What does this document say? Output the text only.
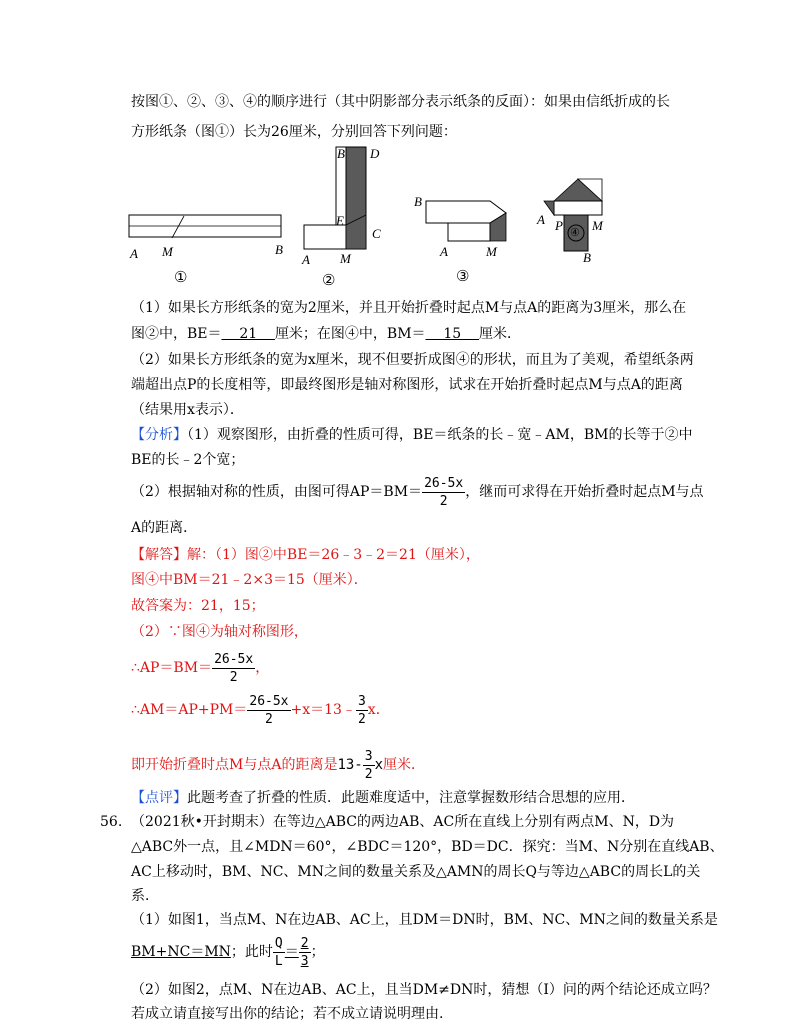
按图①、②、③、④的顺序进行（其中阴影部分表示纸条的反面）：如果由信纸折成的长
方形纸条（图①）长为26厘米，分别回答下列问题：
A M	B
①
B D
E
C
A M
②
B
A	M
③
④
A P M
B
（1）如果长方形纸条的宽为2厘米，并且开始折叠时起点M与点A的距离为3厘米，那么在
图②中，BE＝    21    厘米；在图④中，BM＝    15    厘米．
（2）如果长方形纸条的宽为x厘米，现不但要折成图④的形状，而且为了美观，希望纸条两
端超出点P的长度相等，即最终图形是轴对称图形，试求在开始折叠时起点M与点A的距离
（结果用x表示）．
【分析】（1）观察图形，由折叠的性质可得，BE＝纸条的长﹣宽﹣AM，BM的长等于②中
BE的长﹣2个宽；
（2）根据轴对称的性质，由图可得$AP=BM= \frac{26-5x}{2}$ ，继而可求得在开始折叠时起点M与点
A的距离．
【解答】解：（1）图②中BE＝26﹣3﹣2＝21（厘米），
图④中BM＝21﹣2×3＝15（厘米）．
故答案为：21，15；
（2）∵图④为轴对称图形，
∴AP＝BM＝ $\frac{26-5x}{2}$ ，
∴AM＝AP+PM＝ $\frac{26-5x}{2}$ +x＝13﹣ $\frac{3}{2}$ x．
即开始折叠时点M与点A的距离是$13- \frac{3}{2}$ x厘米．
【点评】此题考查了折叠的性质．此题难度适中，注意掌握数形结合思想的应用．
56. （2021秋•开封期末）在等边△ABC的两边AB、AC所在直线上分别有两点M、N，D为
△ABC外一点，且∠MDN＝60°，∠BDC＝120°，BD＝DC．探究：当M、N分别在直线AB、
AC上移动时，BM、NC、MN之间的数量关系及△AMN的周长Q与等边△ABC的周长L的关
系．
（1）如图1，当点M、N在边AB、AC上，且DM＝DN时，BM、NC、MN之间的数量关系是
BM+NC＝MN；此时 $\frac{Q}{L} = \frac{2}{3}$ ；
（2）如图2，点M、N在边AB、AC上，且当DM≠DN时，猜想（I）问的两个结论还成立吗？
若成立请直接写出你的结论；若不成立请说明理由.
